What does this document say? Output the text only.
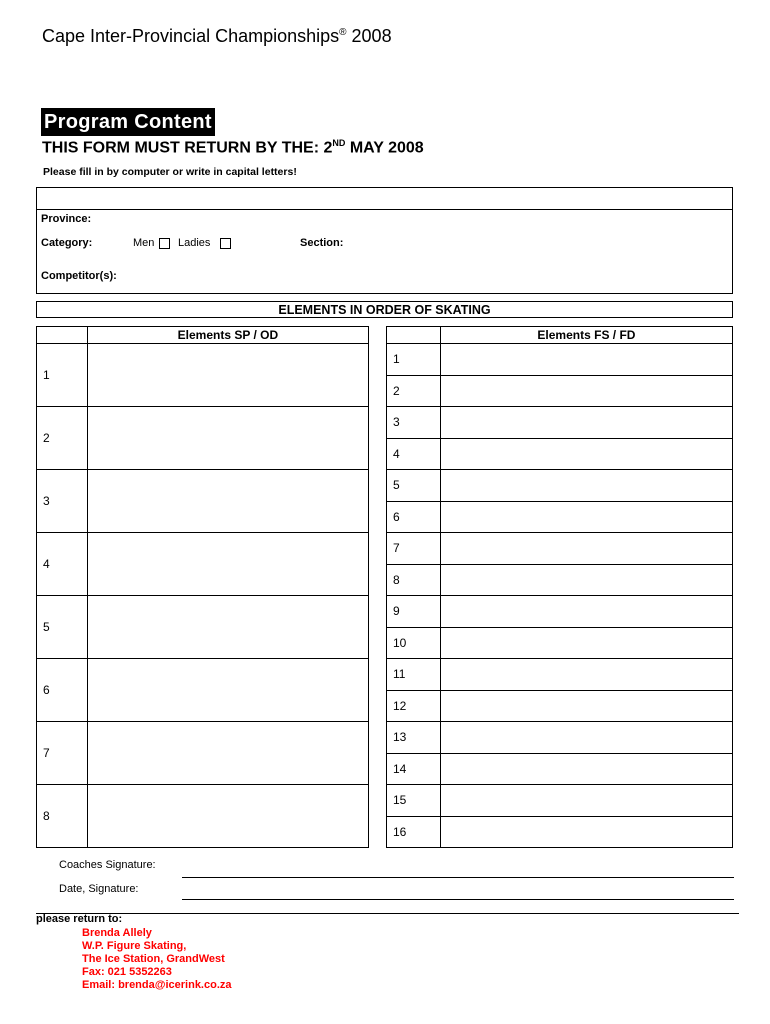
Cape Inter-Provincial Championships® 2008
Program Content
THIS FORM MUST RETURN BY THE: 2ND MAY 2008
Please fill in by computer or write in capital letters!
Province:
Category:	Men Ladies	Section:
Competitor(s):
ELEMENTS IN ORDER OF SKATING
	Elements SP / OD
1	
2	
3	
4	
5	
6	
7	
8	
	Elements FS / FD
1	
2	
3	
4	
5	
6	
7	
8	
9	
10	
11	
12	
13	
14	
15	
16	
Coaches Signature:
Date, Signature:
please return to:
Brenda Allely
W.P. Figure Skating,
The Ice Station, GrandWest
Fax: 021 5352263
Email: brenda@icerink.co.za
